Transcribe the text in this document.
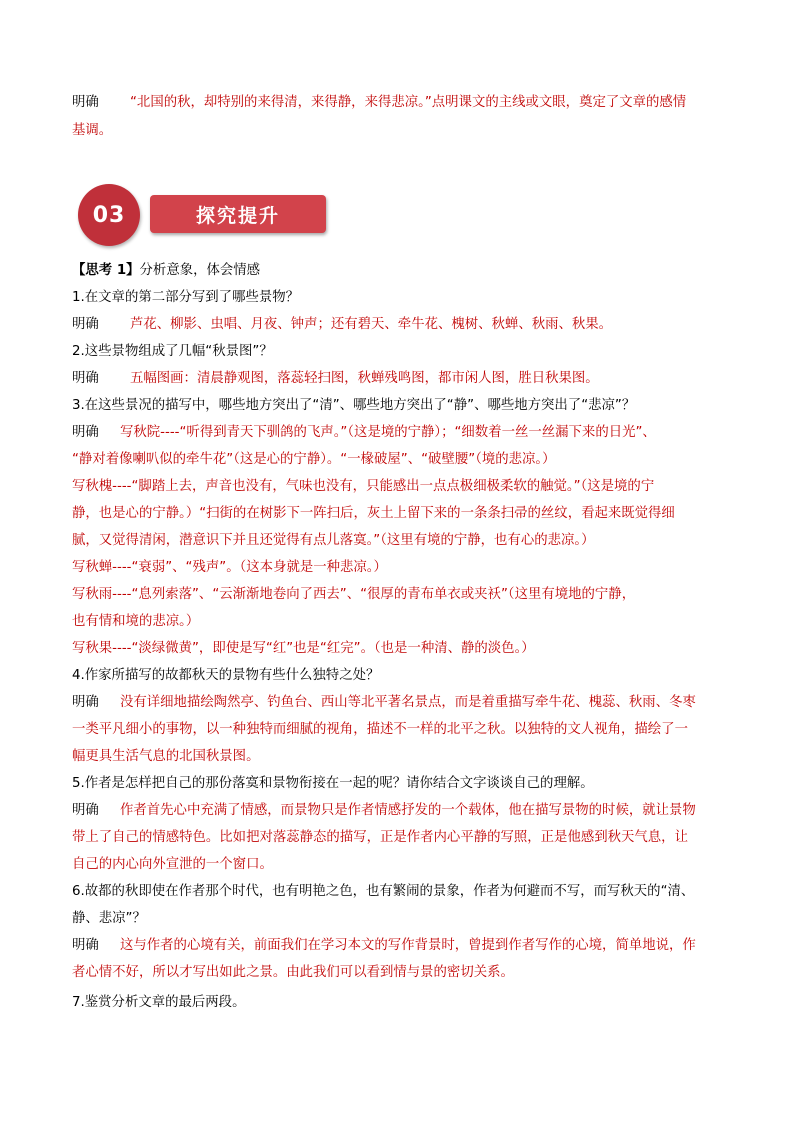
明确 “北国的秋，却特别的来得清，来得静，来得悲凉。”点明课文的主线或文眼，奠定了文章的感情
基调。
探究提升
03
【思考 1】分析意象，体会情感
1.在文章的第二部分写到了哪些景物？
明确 芦花、柳影、虫唱、月夜、钟声；还有碧天、牵牛花、槐树、秋蝉、秋雨、秋果。
2.这些景物组成了几幅“秋景图”？
明确 五幅图画：清晨静观图，落蕊轻扫图，秋蝉残鸣图，都市闲人图，胜日秋果图。
3.在这些景况的描写中，哪些地方突出了“清”、哪些地方突出了“静”、哪些地方突出了“悲凉”？
明确 写秋院----“听得到青天下驯鸽的飞声。”（这是境的宁静）；“细数着一丝一丝漏下来的日光”、
“静对着像喇叭似的牵牛花”（这是心的宁静）。“一椽破屋”、“破壁腰”（境的悲凉。）
写秋槐----“脚踏上去，声音也没有，气味也没有，只能感出一点点极细极柔软的触觉。”（这是境的宁
静，也是心的宁静。）“扫街的在树影下一阵扫后，灰土上留下来的一条条扫帚的丝纹，看起来既觉得细
腻，又觉得清闲，潜意识下并且还觉得有点儿落寞。”（这里有境的宁静，也有心的悲凉。）
写秋蝉----“衰弱”、“残声”。（这本身就是一种悲凉。）
写秋雨----“息列索落”、“云渐渐地卷向了西去”、“很厚的青布单衣或夹袄”（这里有境地的宁静，
也有情和境的悲凉。）
写秋果----“淡绿微黄”，即使是写“红”也是“红完”。（也是一种清、静的淡色。）
4.作家所描写的故都秋天的景物有些什么独特之处？
明确 没有详细地描绘陶然亭、钓鱼台、西山等北平著名景点，而是着重描写牵牛花、槐蕊、秋雨、冬枣
一类平凡细小的事物，以一种独特而细腻的视角，描述不一样的北平之秋。以独特的文人视角，描绘了一
幅更具生活气息的北国秋景图。
5.作者是怎样把自己的那份落寞和景物衔接在一起的呢？请你结合文字谈谈自己的理解。
明确 作者首先心中充满了情感，而景物只是作者情感抒发的一个载体，他在描写景物的时候，就让景物
带上了自己的情感特色。比如把对落蕊静态的描写，正是作者内心平静的写照，正是他感到秋天气息，让
自己的内心向外宣泄的一个窗口。
6.故都的秋即使在作者那个时代，也有明艳之色，也有繁闹的景象，作者为何避而不写，而写秋天的“清、
静、悲凉”？
明确 这与作者的心境有关，前面我们在学习本文的写作背景时，曾提到作者写作的心境，简单地说，作
者心情不好，所以才写出如此之景。由此我们可以看到情与景的密切关系。
7.鉴赏分析文章的最后两段。
